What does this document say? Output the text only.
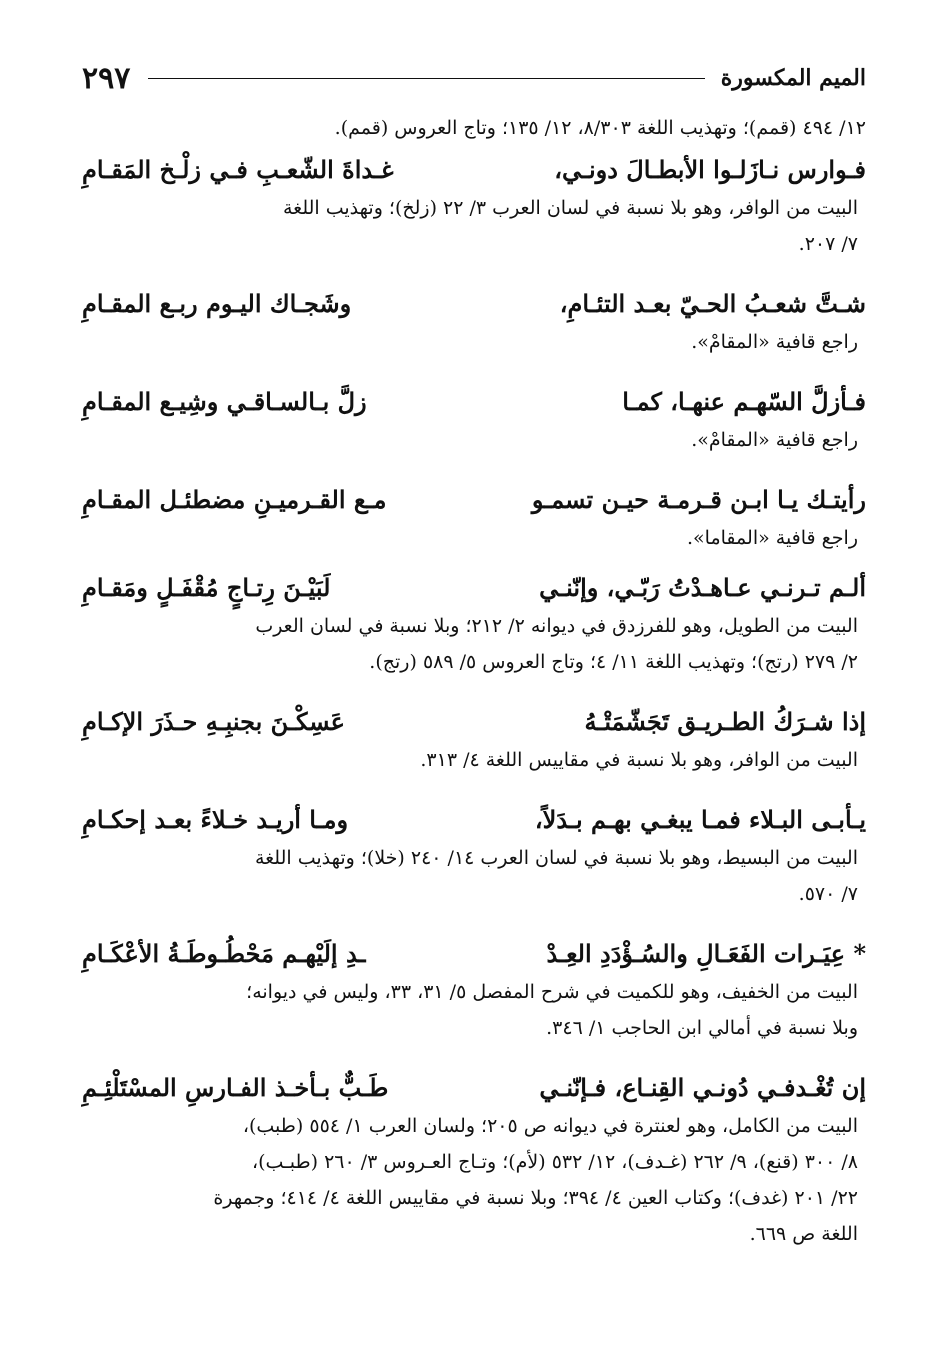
الميم المكسورة
٢٩٧

١٢/ ٤٩٤ (قمم)؛ وتهذيب اللغة ٨/٣٠٣، ١٢/ ١٣٥؛ وتاج العروس (قمم).

فـوارس نـازَلـوا الأبطـالَ دونـي،
غـداةَ الشّعـبِ فـي زلْـخ المَقـامِ

البيت من الوافر، وهو بلا نسبة في لسان العرب ٣/ ٢٢ (زلخ)؛ وتهذيب اللغة

٧/ ٢٠٧.

شـتَّ شعـبُ الحـيّ بعـد التئـامِ،
وشَجـاك اليـوم ربـع المقـامِ

راجع قافية «المقامْ».

فـأزلَّ السّهـم عنهـا، كمـا
زلَّ بـالسـاقـي وشِيـع المقـامِ

راجع قافية «المقامْ».

رأيتـك يـا ابـن قـرمـة حيـن تسمـو
مـع القـرميـنِ مضطئـل المقـامِ

راجع قافية «المقاما».

ألـم تـرنـي عـاهـدْتُ رَبّـي، وإنّنـي
لَبَيْـنَ رِتـاجٍ مُقْفَـلٍ ومَقـامِ

البيت من الطويل، وهو للفرزدق في ديوانه ٢/ ٢١٢؛ وبلا نسبة في لسان العرب

٢/ ٢٧٩ (رتج)؛ وتهذيب اللغة ١١/ ٤؛ وتاج العروس ٥/ ٥٨٩ (رتج).

إذا شـرَكُ الطـريـق تَجَشّمَتْـهُ
عَسِكْـنَ بجنبِـهِ حـذَرَ الإكـامِ

البيت من الوافر، وهو بلا نسبة في مقاييس اللغة ٤/ ٣١٣.

يـأبـى البـلاء فمـا يبغـي بهـم بـدَلاً،
ومـا أريـد خـلاءً بعـد إحكـامِ

البيت من البسيط، وهو بلا نسبة في لسان العرب ١٤/ ٢٤٠ (خلا)؛ وتهذيب اللغة

٧/ ٥٧٠.

* عِيَـرات الفَعَـالِ والسُـؤْدَدِ العِـدْ
ـدِ إلَيْهـم مَحْطُـوطَـةُ الأعْكَـامِ

البيت من الخفيف، وهو للكميت في شرح المفصل ٥/ ٣١، ٣٣، وليس في ديوانه؛

وبلا نسبة في أمالي ابن الحاجب ١/ ٣٤٦.

إن تُغْـدفـي دُونـي القِنـاع، فـإنّنـي
طَـبٌّ بـأخـذ الفـارسِ المسْتَلْئِـمِ

البيت من الكامل، وهو لعنترة في ديوانه ص ٢٠٥؛ ولسان العرب ١/ ٥٥٤ (طبب)،

٨/ ٣٠٠ (قنع)، ٩/ ٢٦٢ (غـدف)، ١٢/ ٥٣٢ (لأم)؛ وتـاج العـروس ٣/ ٢٦٠ (طبـب)،

٢٢/ ٢٠١ (غدف)؛ وكتاب العين ٤/ ٣٩٤؛ وبلا نسبة في مقاييس اللغة ٤/ ٤١٤؛ وجمهرة

اللغة ص ٦٦٩.
